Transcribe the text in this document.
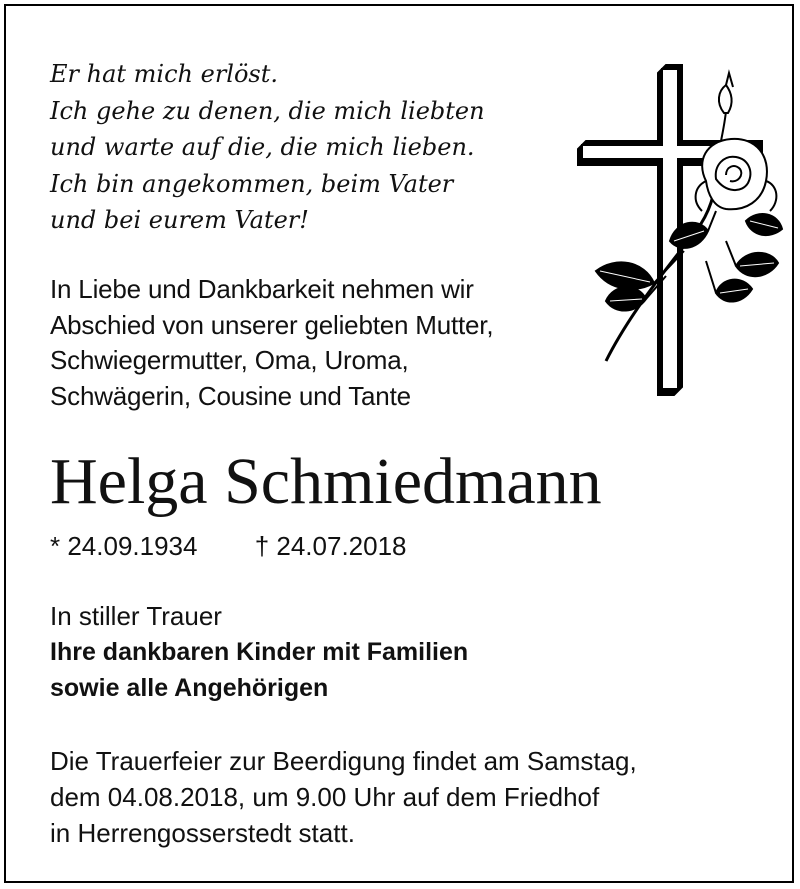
Er hat mich erlöst.
Ich gehe zu denen, die mich liebten
und warte auf die, die mich lieben.
Ich bin angekommen, beim Vater
und bei eurem Vater!
In Liebe und Dankbarkeit nehmen wir
Abschied von unserer geliebten Mutter,
Schwiegermutter, Oma, Uroma,
Schwägerin, Cousine und Tante
Helga Schmiedmann
* 24.09.1934 † 24.07.2018
In stiller Trauer
Ihre dankbaren Kinder mit Familien
sowie alle Angehörigen
Die Trauerfeier zur Beerdigung findet am Samstag,
dem 04.08.2018, um 9.00 Uhr auf dem Friedhof
in Herrengosserstedt statt.
